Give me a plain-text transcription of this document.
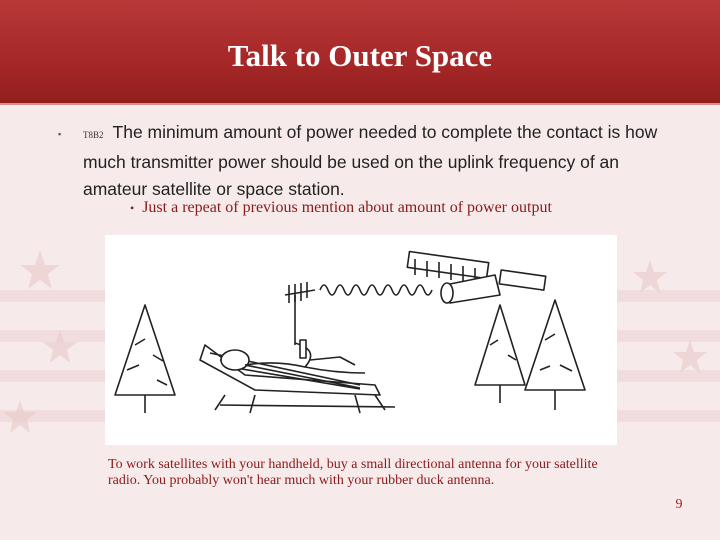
Talk to Outer Space
▪ T8B2 The minimum amount of power needed to complete the contact is how much transmitter power should be used on the uplink frequency of an amateur satellite or space station.
• Just a repeat of previous mention about amount of power output
To work satellites with your handheld, buy a small directional antenna for your satellite radio. You probably won't hear much with your rubber duck antenna.
9
